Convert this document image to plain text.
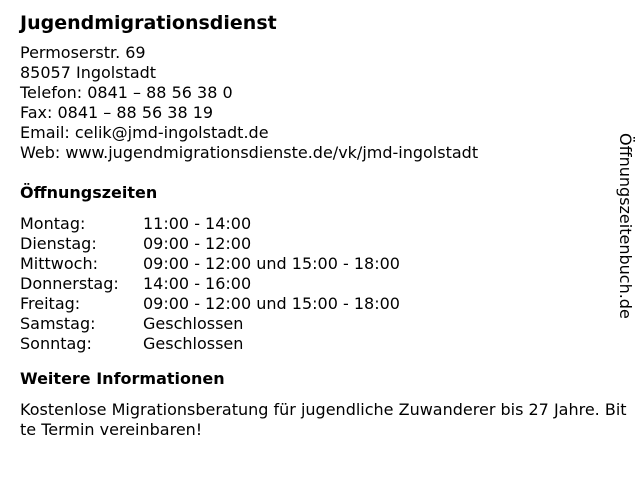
Jugendmigrationsdienst
Permoserstr. 69
85057 Ingolstadt
Telefon: 0841 – 88 56 38 0
Fax: 0841 – 88 56 38 19
Email: celik@jmd-ingolstadt.de
Web: www.jugendmigrationsdienste.de/vk/jmd-ingolstadt
Öffnungszeiten
Montag:	11:00 - 14:00
Dienstag:	09:00 - 12:00
Mittwoch:	09:00 - 12:00 und 15:00 - 18:00
Donnerstag:	14:00 - 16:00
Freitag:	09:00 - 12:00 und 15:00 - 18:00
Samstag:	Geschlossen
Sonntag:	Geschlossen
Weitere Informationen
Kostenlose Migrationsberatung für jugendliche Zuwanderer bis 27 Jahre. Bitte Termin vereinbaren!
Öffnungszeitenbuch.de
